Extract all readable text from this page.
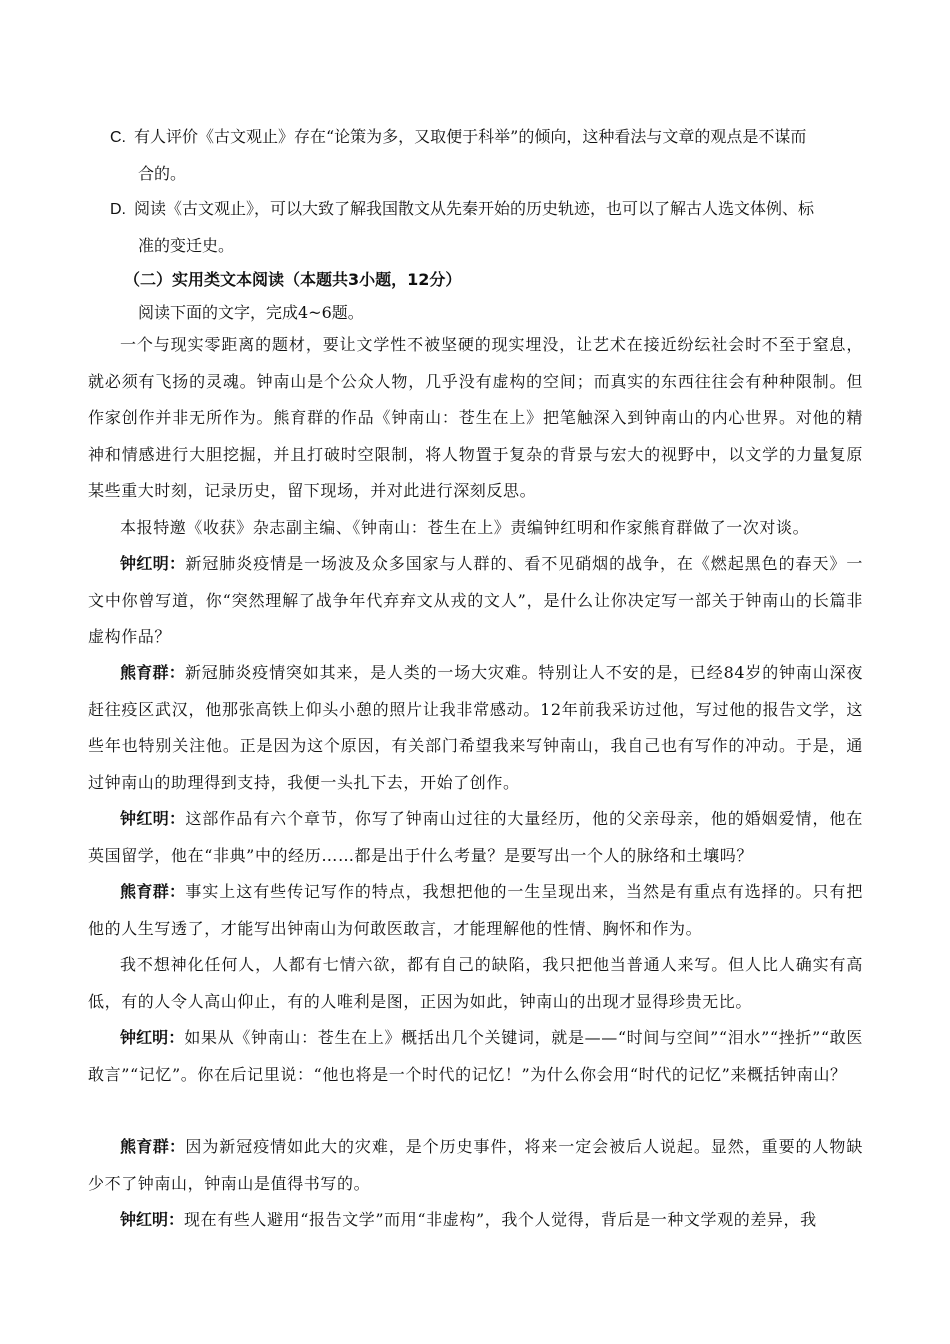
C. 有人评价《古文观止》存在“论策为多，又取便于科举”的倾向，这种看法与文章的观点是不谋而
合的。
D. 阅读《古文观止》，可以大致了解我国散文从先秦开始的历史轨迹，也可以了解古人选文体例、标
准的变迁史。
（二）实用类文本阅读（本题共3小题，12分）
阅读下面的文字，完成4~6题。
一个与现实零距离的题材，要让文学性不被坚硬的现实埋没，让艺术在接近纷纭社会时不至于窒息，就必须有飞扬的灵魂。钟南山是个公众人物，几乎没有虚构的空间；而真实的东西往往会有种种限制。但作家创作并非无所作为。熊育群的作品《钟南山：苍生在上》把笔触深入到钟南山的内心世界。对他的精神和情感进行大胆挖掘，并且打破时空限制，将人物置于复杂的背景与宏大的视野中，以文学的力量复原某些重大时刻，记录历史，留下现场，并对此进行深刻反思。
本报特邀《收获》杂志副主编、《钟南山：苍生在上》责编钟红明和作家熊育群做了一次对谈。
钟红明：新冠肺炎疫情是一场波及众多国家与人群的、看不见硝烟的战争，在《燃起黑色的春天》一文中你曾写道，你“突然理解了战争年代弃弃文从戎的文人”，是什么让你决定写一部关于钟南山的长篇非虚构作品？
熊育群：新冠肺炎疫情突如其来，是人类的一场大灾难。特别让人不安的是，已经84岁的钟南山深夜赶往疫区武汉，他那张高铁上仰头小憩的照片让我非常感动。12年前我采访过他，写过他的报告文学，这些年也特别关注他。正是因为这个原因，有关部门希望我来写钟南山，我自己也有写作的冲动。于是，通过钟南山的助理得到支持，我便一头扎下去，开始了创作。
钟红明：这部作品有六个章节，你写了钟南山过往的大量经历，他的父亲母亲，他的婚姻爱情，他在英国留学，他在“非典”中的经历……都是出于什么考量？是要写出一个人的脉络和土壤吗？
熊育群：事实上这有些传记写作的特点，我想把他的一生呈现出来，当然是有重点有选择的。只有把他的人生写透了，才能写出钟南山为何敢医敢言，才能理解他的性情、胸怀和作为。
我不想神化任何人，人都有七情六欲，都有自己的缺陷，我只把他当普通人来写。但人比人确实有高低，有的人令人高山仰止，有的人唯利是图，正因为如此，钟南山的出现才显得珍贵无比。
钟红明：如果从《钟南山：苍生在上》概括出几个关键词，就是——“时间与空间”“泪水”“挫折”“敢医敢言”“记忆”。你在后记里说：“他也将是一个时代的记忆！”为什么你会用“时代的记忆”来概括钟南山？
熊育群：因为新冠疫情如此大的灾难，是个历史事件，将来一定会被后人说起。显然，重要的人物缺少不了钟南山，钟南山是值得书写的。
钟红明：现在有些人避用“报告文学”而用“非虚构”，我个人觉得，背后是一种文学观的差异，我
